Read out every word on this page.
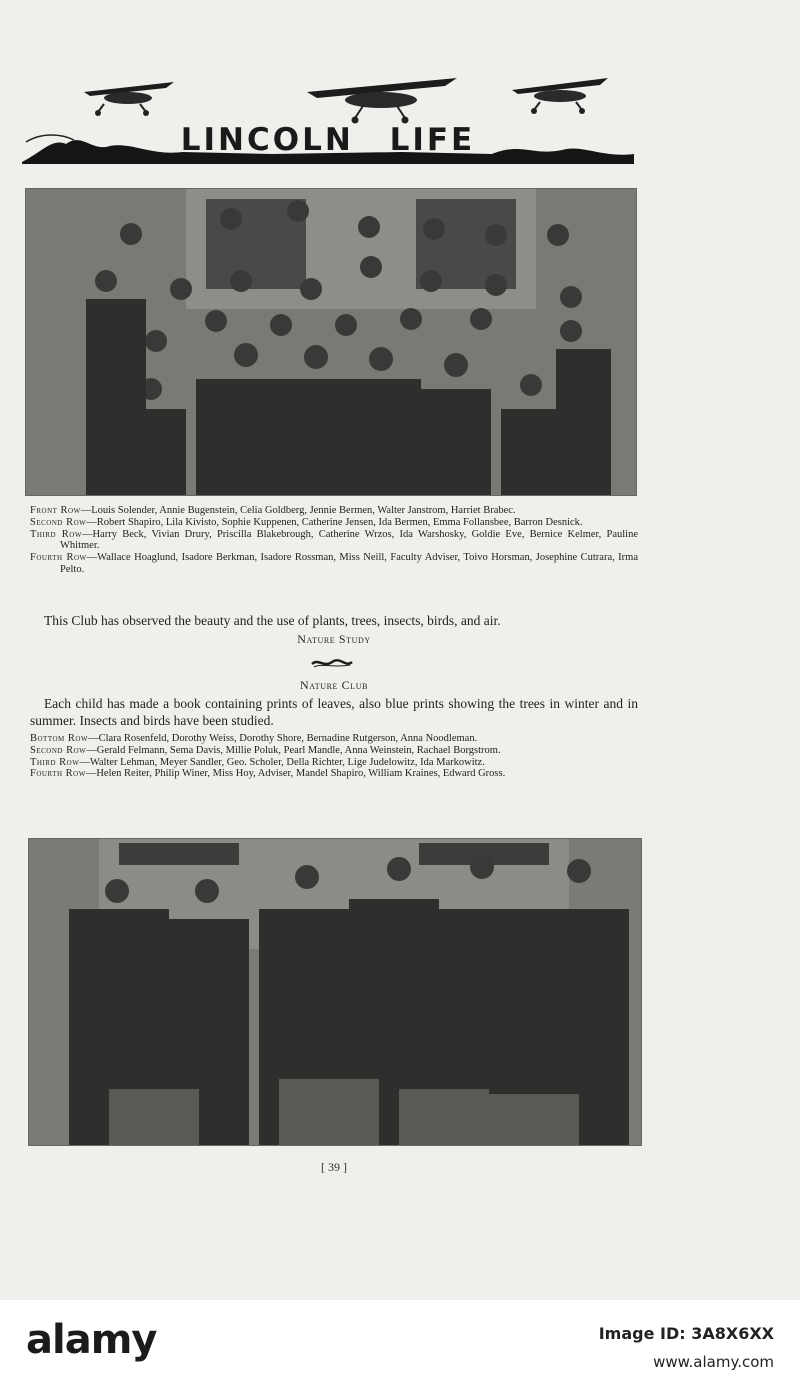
LINCOLN LIFE

Front Row—Louis Solender, Annie Bugenstein, Celia Goldberg, Jennie Bermen, Walter Janstrom, Harriet Brabec.

Second Row—Robert Shapiro, Lila Kivisto, Sophie Kuppenen, Catherine Jensen, Ida Bermen, Emma Follansbee, Barron Desnick.

Third Row—Harry Beck, Vivian Drury, Priscilla Blakebrough, Catherine Wrzos, Ida Warshosky, Goldie Eve, Bernice Kelmer, Pauline Whitmer.

Fourth Row—Wallace Hoaglund, Isadore Berkman, Isadore Rossman, Miss Neill, Faculty Adviser, Toivo Horsman, Josephine Cutrara, Irma Pelto.

This Club has observed the beauty and the use of plants, trees, insects, birds, and air.
Nature Study
Nature Club
Each child has made a book containing prints of leaves, also blue prints showing the trees in winter and in summer. Insects and birds have been studied.

Bottom Row—Clara Rosenfeld, Dorothy Weiss, Dorothy Shore, Bernadine Rutgerson, Anna Noodleman.

Second Row—Gerald Felmann, Sema Davis, Millie Poluk, Pearl Mandle, Anna Weinstein, Rachael Borgstrom.

Third Row—Walter Lehman, Meyer Sandler, Geo. Scholer, Della Richter, Lige Judelowitz, Ida Markowitz.

Fourth Row—Helen Reiter, Philip Winer, Miss Hoy, Adviser, Mandel Shapiro, William Kraines, Edward Gross.

[ 39 ]
alamy	Image ID: 3A8X6XX
www.alamy.com
